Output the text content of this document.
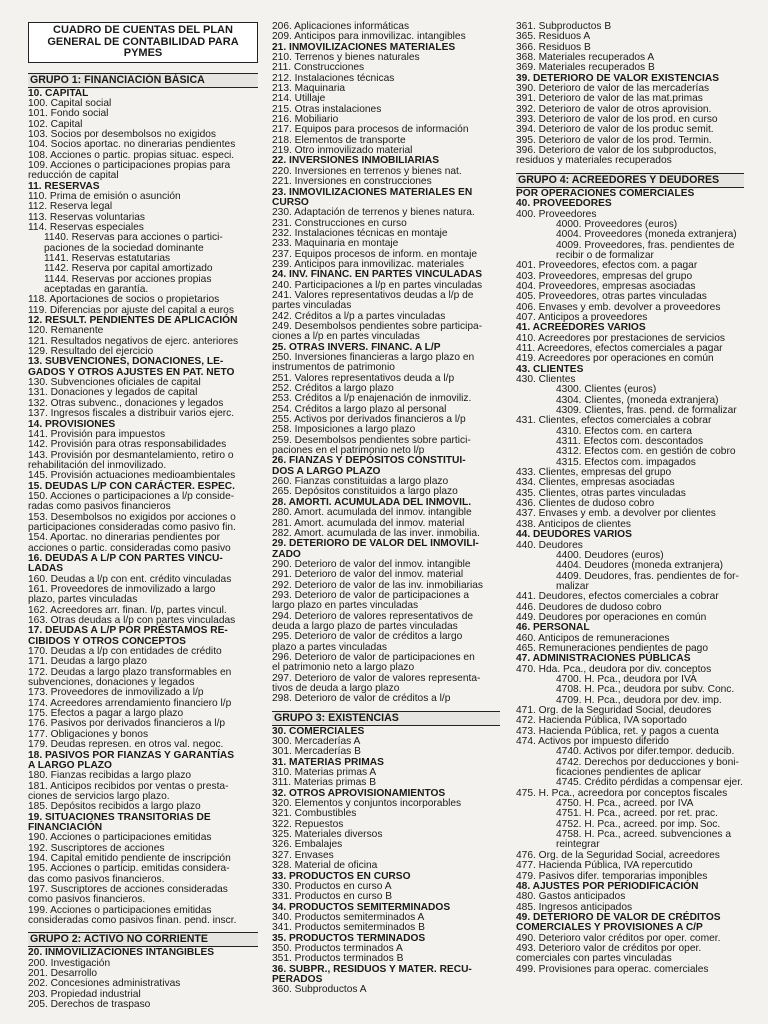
CUADRO DE CUENTAS DEL PLAN GENERAL DE CONTABILIDAD PARA PYMES
GRUPO 1: FINANCIACIÓN BÁSICA
10. CAPITAL
100. Capital social
101. Fondo social
102. Capital
103. Socios por desembolsos no exigidos
104. Socios aportac. no dinerarias pendientes
108. Acciones o partic. propias situac. especi.
109. Acciones o participaciones propias para
reducción de capital
11. RESERVAS
110. Prima de emisión o asunción
112. Reserva legal
113. Reservas voluntarias
114. Reservas especiales
1140. Reservas para acciones o partici-
paciones de la sociedad dominante
1141. Reservas estatutarias
1142. Reserva por capital amortizado
1144. Reservas por acciones propias
aceptadas en garantía.
118. Aportaciones de socios o propietarios
119. Diferencias por ajuste del capital a euros
12. RESULT. PENDIENTES DE APLICACIÓN
120. Remanente
121. Resultados negativos de ejerc. anteriores
129. Resultado del ejercicio
13. SUBVENCIONES, DONACIONES, LE-
GADOS Y OTROS AJUSTES EN PAT. NETO
130. Subvenciones oficiales de capital
131. Donaciones y legados de capital
132. Otras subvenc., donaciones y legados
137. Ingresos fiscales a distribuir varios ejerc.
14. PROVISIONES
141. Provisión para impuestos
142. Provisión para otras responsabilidades
143. Provisión por desmantelamiento, retiro o
rehabilitación del inmovilizado.
145. Provisión actuaciones medioambientales
15. DEUDAS L/P CON CARÁCTER. ESPEC.
150. Acciones o participaciones a l/p conside-
radas como pasivos financieros
153. Desembolsos no exigidos por acciones o
participaciones consideradas como pasivo fin.
154. Aportac. no dinerarias pendientes por
acciones o partic. consideradas como pasivo
16. DEUDAS A L/P CON PARTES VINCU-
LADAS
160. Deudas a l/p con ent. crédito vinculadas
161. Proveedores de inmovilizado a largo
plazo, partes vinculadas
162. Acreedores arr. finan. l/p, partes vincul.
163. Otras deudas a l/p con partes vinculadas
17. DEUDAS A L/P POR PRÉSTAMOS RE-
CIBIDOS Y OTROS CONCEPTOS
170. Deudas a l/p con entidades de crédito
171. Deudas a largo plazo
172. Deudas a largo plazo transformables en
subvenciones, donaciones y legados
173. Proveedores de inmovilizado a l/p
174. Acreedores arrendamiento financiero l/p
175. Efectos a pagar a largo plazo
176. Pasivos por derivados financieros a l/p
177. Obligaciones y bonos
179. Deudas represen. en otros val. negoc.
18. PASIVOS POR FIANZAS Y GARANTÍAS
A LARGO PLAZO
180. Fianzas recibidas a largo plazo
181. Anticipos recibidos por ventas o presta-
ciones de servicios largo plazo.
185. Depósitos recibidos a largo plazo
19. SITUACIONES TRANSITORIAS DE
FINANCIACIÓN
190. Acciones o participaciones emitidas
192. Suscriptores de acciones
194. Capital emitido pendiente de inscripción
195. Acciones o particip. emitidas considera-
das como pasivos financieros.
197. Suscriptores de acciones consideradas
como pasivos financieros.
199. Acciones o participaciones emitidas
consideradas como pasivos finan. pend. inscr.
GRUPO 2: ACTIVO NO CORRIENTE
20. INMOVILIZACIONES INTANGIBLES
200. Investigación
201. Desarrollo
202. Concesiones administrativas
203. Propiedad industrial
205. Derechos de traspaso
206. Aplicaciones informáticas
209. Anticipos para inmovilizac. intangibles
21. INMOVILIZACIONES MATERIALES
210. Terrenos y bienes naturales
211. Construcciones
212. Instalaciones técnicas
213. Maquinaria
214. Utillaje
215. Otras instalaciones
216. Mobiliario
217. Equipos para procesos de información
218. Elementos de transporte
219. Otro inmovilizado material
22. INVERSIONES INMOBILIARIAS
220. Inversiones en terrenos y bienes nat.
221. Inversiones en construcciones
23. INMOVILIZACIONES MATERIALES EN
CURSO
230. Adaptación de terrenos y bienes natura.
231. Construcciones en curso
232. Instalaciones técnicas en montaje
233. Maquinaria en montaje
237. Equipos procesos de inform. en montaje
239. Anticipos para inmovilizac. materiales
24. INV. FINANC. EN PARTES VINCULADAS
240. Participaciones a l/p en partes vinculadas
241. Valores representativos deudas a l/p de
partes vinculadas
242. Créditos a l/p a partes vinculadas
249. Desembolsos pendientes sobre participa-
ciones a l/p en partes vinculadas
25. OTRAS INVERS. FINANC. A L/P
250. Inversiones financieras a largo plazo en
instrumentos de patrimonio
251. Valores representativos deuda a l/p
252. Créditos a largo plazo
253. Créditos a l/p enajenación de inmoviliz.
254. Créditos a largo plazo al personal
255. Activos por derivados financieros a l/p
258. Imposiciones a largo plazo
259. Desembolsos pendientes sobre partici-
paciones en el patrimonio neto l/p
26. FIANZAS Y DEPÓSITOS CONSTITUI-
DOS A LARGO PLAZO
260. Fianzas constituidas a largo plazo
265. Depósitos constituidos a largo plazo
28. AMORTI. ACUMULADA DEL INMOVIL.
280. Amort. acumulada del inmov. intangible
281. Amort. acumulada del inmov. material
282. Amort. acumulada de las inver. inmobilia.
29. DETERIORO DE VALOR DEL INMOVILI-
ZADO
290. Deterioro de valor del inmov. intangible
291. Deterioro de valor del inmov. material
292. Deterioro de valor de las inv. inmobiliarias
293. Deterioro de valor de participaciones a
largo plazo en partes vinculadas
294. Deterioro de valores representativos de
deuda a largo plazo de partes vinculadas
295. Deterioro de valor de créditos a largo
plazo a partes vinculadas
296. Deterioro de valor de participaciones en
el patrimonio neto a largo plazo
297. Deterioro de valor de valores representa-
tivos de deuda a largo plazo
298. Deterioro de valor de créditos a l/p
GRUPO 3: EXISTENCIAS
30. COMERCIALES
300. Mercaderías A
301. Mercaderías B
31. MATERIAS PRIMAS
310. Materias primas A
311. Materias primas B
32. OTROS APROVISIONAMIENTOS
320. Elementos y conjuntos incorporables
321. Combustibles
322. Repuestos
325. Materiales diversos
326. Embalajes
327. Envases
328. Material de oficina
33. PRODUCTOS EN CURSO
330. Productos en curso A
331. Productos en curso B
34. PRODUCTOS SEMITERMINADOS
340. Productos semiterminados A
341. Productos semiterminados B
35. PRODUCTOS TERMINADOS
350. Productos terminados A
351. Productos terminados B
36. SUBPR., RESIDUOS Y MATER. RECU-
PERADOS
360. Subproductos A
361. Subproductos B
365. Residuos A
366. Residuos B
368. Materiales recuperados A
369. Materiales recuperados B
39. DETERIORO DE VALOR EXISTENCIAS
390. Deterioro de valor de las mercaderías
391. Deterioro de valor de las mat.primas
392. Deterioro de valor de otros aprovision.
393. Deterioro de valor de los prod. en curso
394. Deterioro de valor de los produc semit.
395. Deterioro de valor de los prod. Termin.
396. Deterioro de valor de los subproductos,
residuos y materiales recuperados
GRUPO 4: ACREEDORES Y DEUDORES
POR OPERACIONES COMERCIALES
40. PROVEEDORES
400. Proveedores
4000. Proveedores (euros)
4004. Proveedores (moneda extranjera)
4009. Proveedores, fras. pendientes de
recibir o de formalizar
401. Proveedores, efectos com. a pagar
403. Proveedores, empresas del grupo
404. Proveedores, empresas asociadas
405. Proveedores, otras partes vinculadas
406. Envases y emb. devolver a proveedores
407. Anticipos a proveedores
41. ACREEDORES VARIOS
410. Acreedores por prestaciones de servicios
411. Acreedores, efectos comerciales a pagar
419. Acreedores por operaciones en común
43. CLIENTES
430. Clientes
4300. Clientes (euros)
4304. Clientes, (moneda extranjera)
4309. Clientes, fras. pend. de formalizar
431. Clientes, efectos comerciales a cobrar
4310. Efectos com. en cartera
4311. Efectos com. descontados
4312. Efectos com. en gestión de cobro
4315. Efectos com. impagados
433. Clientes, empresas del grupo
434. Clientes, empresas asociadas
435. Clientes, otras partes vinculadas
436. Clientes de dudoso cobro
437. Envases y emb. a devolver por clientes
438. Anticipos de clientes
44. DEUDORES VARIOS
440. Deudores
4400. Deudores (euros)
4404. Deudores (moneda extranjera)
4409. Deudores, fras. pendientes de for-
malizar
441. Deudores, efectos comerciales a cobrar
446. Deudores de dudoso cobro
449. Deudores por operaciones en común
46. PERSONAL
460. Anticipos de remuneraciones
465. Remuneraciones pendientes de pago
47. ADMINISTRACIONES PÚBLICAS
470. Hda. Pca., deudora por div. conceptos
4700. H. Pca., deudora por IVA
4708. H. Pca., deudora por subv. Conc.
4709. H. Pca., deudora por dev. imp.
471. Org. de la Seguridad Social, deudores
472. Hacienda Pública, IVA soportado
473. Hacienda Pública, ret. y pagos a cuenta
474. Activos por impuesto diferido
4740. Activos por difer.tempor. deducib.
4742. Derechos por deducciones y boni-
ficaciones pendientes de aplicar
4745. Crédito pérdidas a compensar ejer.
475. H. Pca., acreedora por conceptos fiscales
4750. H. Pca., acreed. por IVA
4751. H. Pca., acreed. por ret. prac.
4752. H. Pca., acreed. por imp. Soc.
4758. H. Pca., acreed. subvenciones a
reintegrar
476. Org. de la Seguridad Social, acreedores
477. Hacienda Pública, IVA repercutido
479. Pasivos difer. temporarias imponibles
48. AJUSTES POR PERIODIFICACIÓN
480. Gastos anticipados
485. Ingresos anticipados
49. DETERIORO DE VALOR DE CRÉDITOS
COMERCIALES Y PROVISIONES A C/P
490. Deterioro valor créditos por oper. comer.
493. Deterioro valor de créditos por oper.
comerciales con partes vinculadas
499. Provisiones para operac. comerciales
